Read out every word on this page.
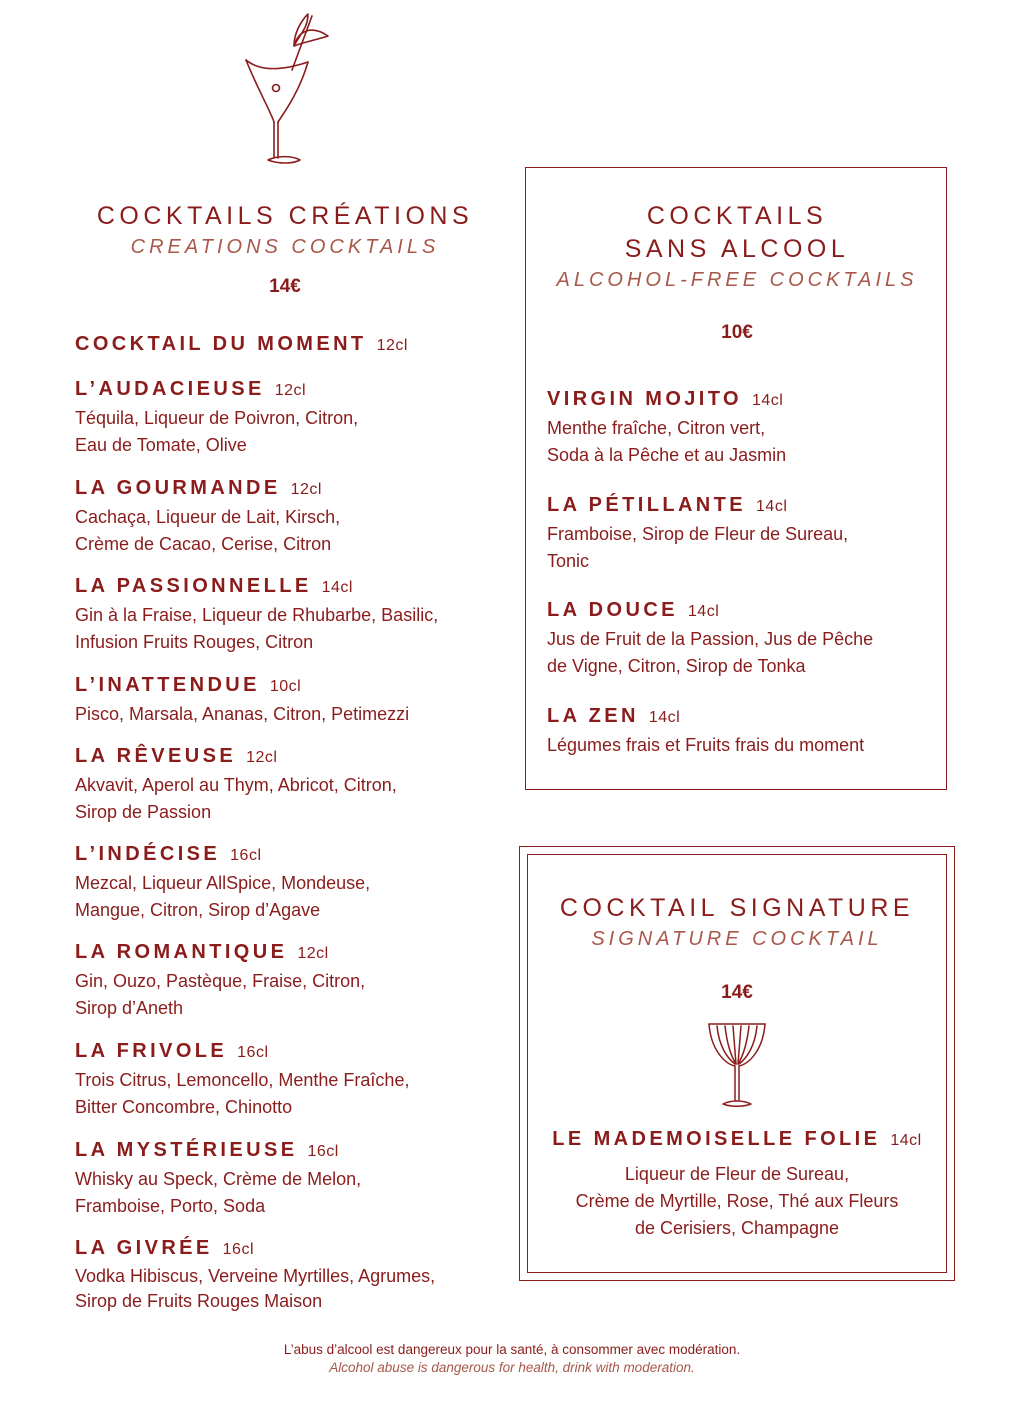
COCKTAILS CRÉATIONS
CREATIONS COCKTAILS
14€
COCKTAIL DU MOMENT 12cl
L’AUDACIEUSE 12cl
Téquila, Liqueur de Poivron, Citron,
Eau de Tomate, Olive
LA GOURMANDE 12cl
Cachaça, Liqueur de Lait, Kirsch,
Crème de Cacao, Cerise, Citron
LA PASSIONNELLE 14cl
Gin à la Fraise, Liqueur de Rhubarbe, Basilic,
Infusion Fruits Rouges, Citron
L’INATTENDUE 10cl
Pisco, Marsala, Ananas, Citron, Petimezzi
LA RÊVEUSE 12cl
Akvavit, Aperol au Thym, Abricot, Citron,
Sirop de Passion
L’INDÉCISE 16cl
Mezcal, Liqueur AllSpice, Mondeuse,
Mangue, Citron, Sirop d’Agave
LA ROMANTIQUE 12cl
Gin, Ouzo, Pastèque, Fraise, Citron,
Sirop d’Aneth
LA FRIVOLE 16cl
Trois Citrus, Lemoncello, Menthe Fraîche,
Bitter Concombre, Chinotto
LA MYSTÉRIEUSE 16cl
Whisky au Speck, Crème de Melon,
Framboise, Porto, Soda
LA GIVRÉE 16cl
Vodka Hibiscus, Verveine Myrtilles, Agrumes,
Sirop de Fruits Rouges Maison
COCKTAILS
SANS ALCOOL
ALCOHOL-FREE COCKTAILS
10€
VIRGIN MOJITO 14cl
Menthe fraîche, Citron vert,
Soda à la Pêche et au Jasmin
LA PÉTILLANTE 14cl
Framboise, Sirop de Fleur de Sureau,
Tonic
LA DOUCE 14cl
Jus de Fruit de la Passion, Jus de Pêche
de Vigne, Citron, Sirop de Tonka
LA ZEN 14cl
Légumes frais et Fruits frais du moment
COCKTAIL SIGNATURE
SIGNATURE COCKTAIL
14€
LE MADEMOISELLE FOLIE 14cl
Liqueur de Fleur de Sureau,
Crème de Myrtille, Rose, Thé aux Fleurs
de Cerisiers, Champagne
L’abus d’alcool est dangereux pour la santé, à consommer avec modération.
Alcohol abuse is dangerous for health, drink with moderation.
